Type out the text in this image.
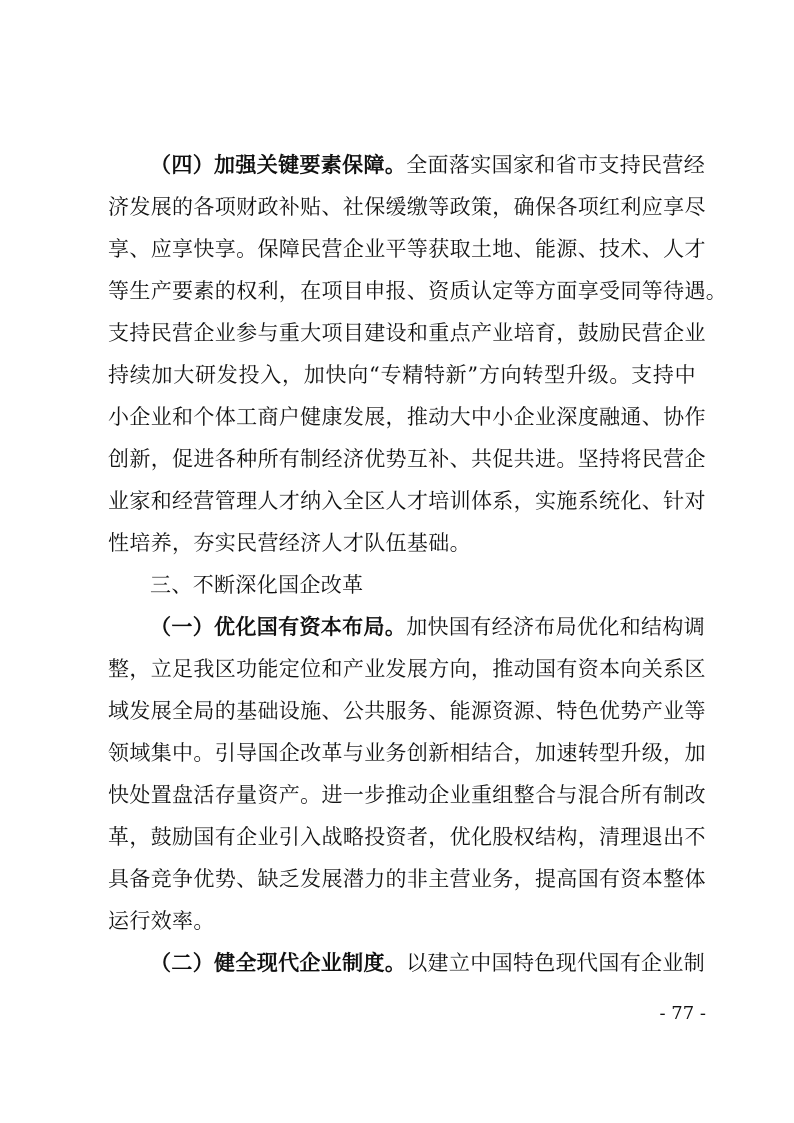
（四）加强关键要素保障。全面落实国家和省市支持民营经
济发展的各项财政补贴、社保缓缴等政策，确保各项红利应享尽
享、应享快享。保障民营企业平等获取土地、能源、技术、人才
等生产要素的权利，在项目申报、资质认定等方面享受同等待遇。
支持民营企业参与重大项目建设和重点产业培育，鼓励民营企业
持续加大研发投入，加快向“专精特新”方向转型升级。支持中
小企业和个体工商户健康发展，推动大中小企业深度融通、协作
创新，促进各种所有制经济优势互补、共促共进。坚持将民营企
业家和经营管理人才纳入全区人才培训体系，实施系统化、针对
性培养，夯实民营经济人才队伍基础。
三、不断深化国企改革
（一）优化国有资本布局。加快国有经济布局优化和结构调
整，立足我区功能定位和产业发展方向，推动国有资本向关系区
域发展全局的基础设施、公共服务、能源资源、特色优势产业等
领域集中。引导国企改革与业务创新相结合，加速转型升级，加
快处置盘活存量资产。进一步推动企业重组整合与混合所有制改
革，鼓励国有企业引入战略投资者，优化股权结构，清理退出不
具备竞争优势、缺乏发展潜力的非主营业务，提高国有资本整体
运行效率。
（二）健全现代企业制度。以建立中国特色现代国有企业制
- 77 -
